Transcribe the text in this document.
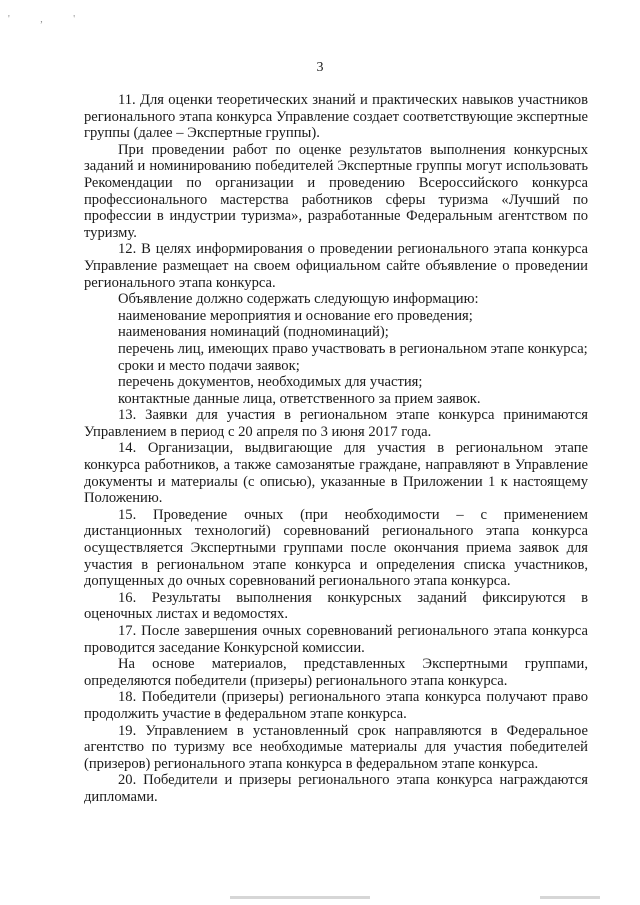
' , '
3

11. Для оценки теоретических знаний и практических навыков участников регионального этапа конкурса Управление создает соответствующие экспертные группы (далее – Экспертные группы).

При проведении работ по оценке результатов выполнения конкурсных заданий и номинированию победителей Экспертные группы могут использовать Рекомендации по организации и проведению Всероссийского конкурса профессионального мастерства работников сферы туризма «Лучший по профессии в индустрии туризма», разработанные Федеральным агентством по туризму.

12. В целях информирования о проведении регионального этапа конкурса Управление размещает на своем официальном сайте объявление о проведении регионального этапа конкурса.

Объявление должно содержать следующую информацию:

наименование мероприятия и основание его проведения;

наименования номинаций (подноминаций);

перечень лиц, имеющих право участвовать в региональном этапе конкурса;

сроки и место подачи заявок;

перечень документов, необходимых для участия;

контактные данные лица, ответственного за прием заявок.

13. Заявки для участия в региональном этапе конкурса принимаются Управлением в период с 20 апреля по 3 июня 2017 года.

14. Организации, выдвигающие для участия в региональном этапе конкурса работников, а также самозанятые граждане, направляют в Управление документы и материалы (с описью), указанные в Приложении 1 к настоящему Положению.

15. Проведение очных (при необходимости – с применением дистанционных технологий) соревнований регионального этапа конкурса осуществляется Экспертными группами после окончания приема заявок для участия в региональном этапе конкурса и определения списка участников, допущенных до очных соревнований регионального этапа конкурса.

16. Результаты выполнения конкурсных заданий фиксируются в оценочных листах и ведомостях.

17. После завершения очных соревнований регионального этапа конкурса проводится заседание Конкурсной комиссии.

На основе материалов, представленных Экспертными группами, определяются победители (призеры) регионального этапа конкурса.

18. Победители (призеры) регионального этапа конкурса получают право продолжить участие в федеральном этапе конкурса.

19. Управлением в установленный срок направляются в Федеральное агентство по туризму все необходимые материалы для участия победителей (призеров) регионального этапа конкурса в федеральном этапе конкурса.

20. Победители и призеры регионального этапа конкурса награждаются дипломами.
